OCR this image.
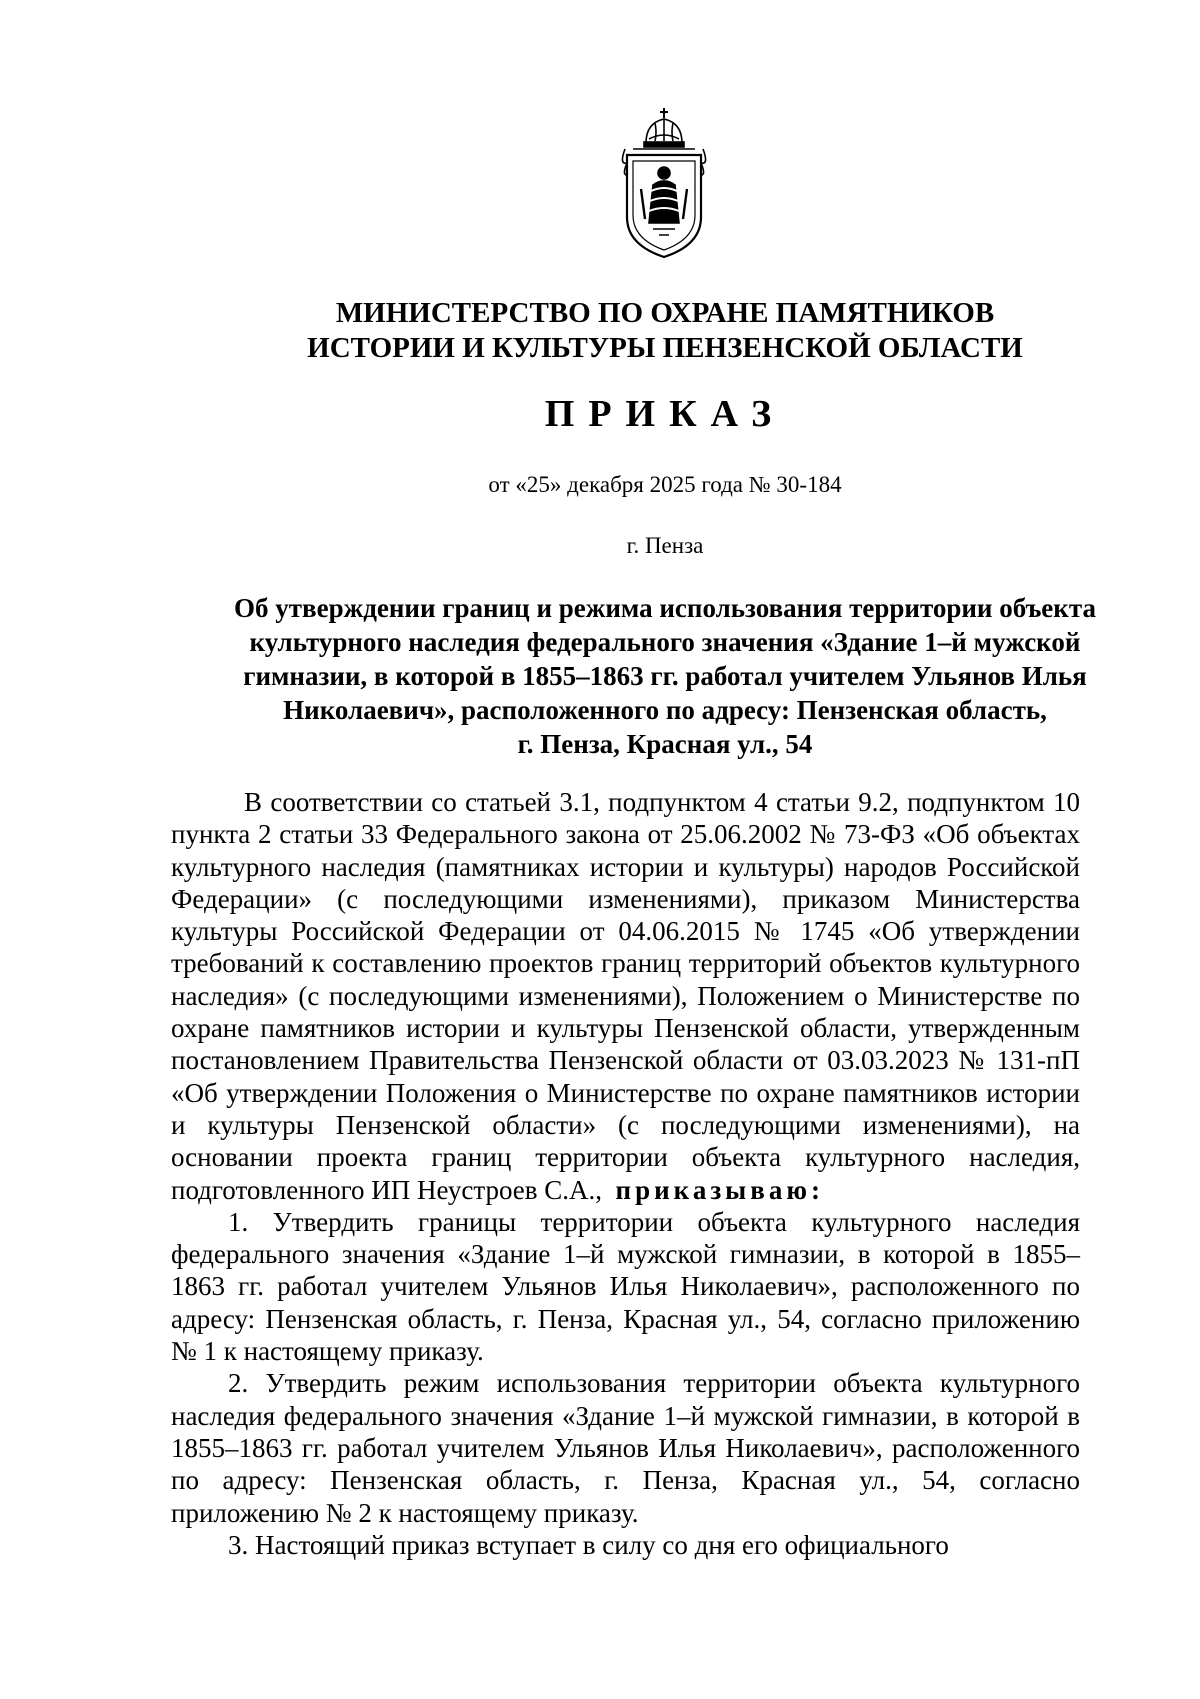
МИНИСТЕРСТВО ПО ОХРАНЕ ПАМЯТНИКОВ
ИСТОРИИ И КУЛЬТУРЫ ПЕНЗЕНСКОЙ ОБЛАСТИ
ПРИКАЗ
от «25» декабря 2025 года № 30-184
г. Пенза
Об утверждении границ и режима использования территории объекта
культурного наследия федерального значения «Здание 1–й мужской
гимназии, в которой в 1855–1863 гг. работал учителем Ульянов Илья
Николаевич», расположенного по адресу: Пензенская область,
г. Пенза, Красная ул., 54

В соответствии со статьей 3.1, подпунктом 4 статьи 9.2, подпунктом 10 пункта 2 статьи 33 Федерального закона от 25.06.2002 № 73-ФЗ «Об объектах культурного наследия (памятниках истории и культуры) народов Российской Федерации» (с последующими изменениями), приказом Министерства культуры Российской Федерации от 04.06.2015 № 1745 «Об утверждении требований к составлению проектов границ территорий объектов культурного наследия» (с последующими изменениями), Положением о Министерстве по охране памятников истории и культуры Пензенской области, утвержденным постановлением Правительства Пензенской области от 03.03.2023 № 131-пП «Об утверждении Положения о Министерстве по охране памятников истории и культуры Пензенской области» (с последующими изменениями), на основании проекта границ территории объекта культурного наследия, подготовленного ИП Неустроев С.А., приказываю:

1. Утвердить границы территории объекта культурного наследия федерального значения «Здание 1–й мужской гимназии, в которой в 1855–1863 гг. работал учителем Ульянов Илья Николаевич», расположенного по адресу: Пензенская область, г. Пенза, Красная ул., 54, согласно приложению № 1 к настоящему приказу.

2. Утвердить режим использования территории объекта культурного наследия федерального значения «Здание 1–й мужской гимназии, в которой в 1855–1863 гг. работал учителем Ульянов Илья Николаевич», расположенного по адресу: Пензенская область, г. Пенза, Красная ул., 54, согласно приложению № 2 к настоящему приказу.

3. Настоящий приказ вступает в силу со дня его официального
